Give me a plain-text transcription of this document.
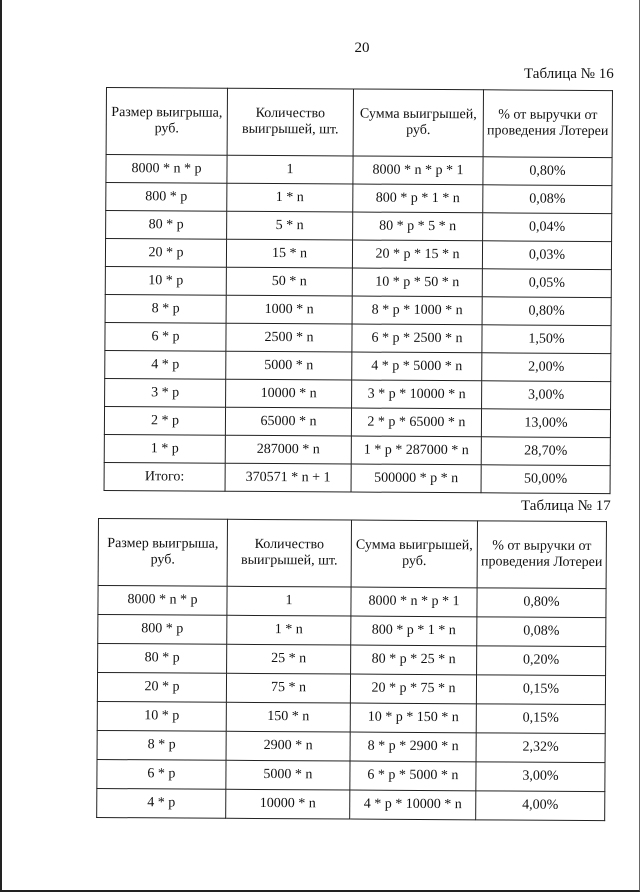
20
Таблица № 16
Размер выигрыша, руб.	Количество выигрышей, шт.	Сумма выигрышей, руб.	% от выручки от проведения Лотереи
8000 * n * p	1	8000 * n * p * 1	0,80%
800 * p	1 * n	800 * p * 1 * n	0,08%
80 * p	5 * n	80 * p * 5 * n	0,04%
20 * p	15 * n	20 * p * 15 * n	0,03%
10 * p	50 * n	10 * p * 50 * n	0,05%
8 * p	1000 * n	8 * p * 1000 * n	0,80%
6 * p	2500 * n	6 * p * 2500 * n	1,50%
4 * p	5000 * n	4 * p * 5000 * n	2,00%
3 * p	10000 * n	3 * p * 10000 * n	3,00%
2 * p	65000 * n	2 * p * 65000 * n	13,00%
1 * p	287000 * n	1 * p * 287000 * n	28,70%
Итого:	370571 * n + 1	500000 * p * n	50,00%
Таблица № 17
Размер выигрыша, руб.	Количество выигрышей, шт.	Сумма выигрышей, руб.	% от выручки от проведения Лотереи
8000 * n * p	1	8000 * n * p * 1	0,80%
800 * p	1 * n	800 * p * 1 * n	0,08%
80 * p	25 * n	80 * p * 25 * n	0,20%
20 * p	75 * n	20 * p * 75 * n	0,15%
10 * p	150 * n	10 * p * 150 * n	0,15%
8 * p	2900 * n	8 * p * 2900 * n	2,32%
6 * p	5000 * n	6 * p * 5000 * n	3,00%
4 * p	10000 * n	4 * p * 10000 * n	4,00%
